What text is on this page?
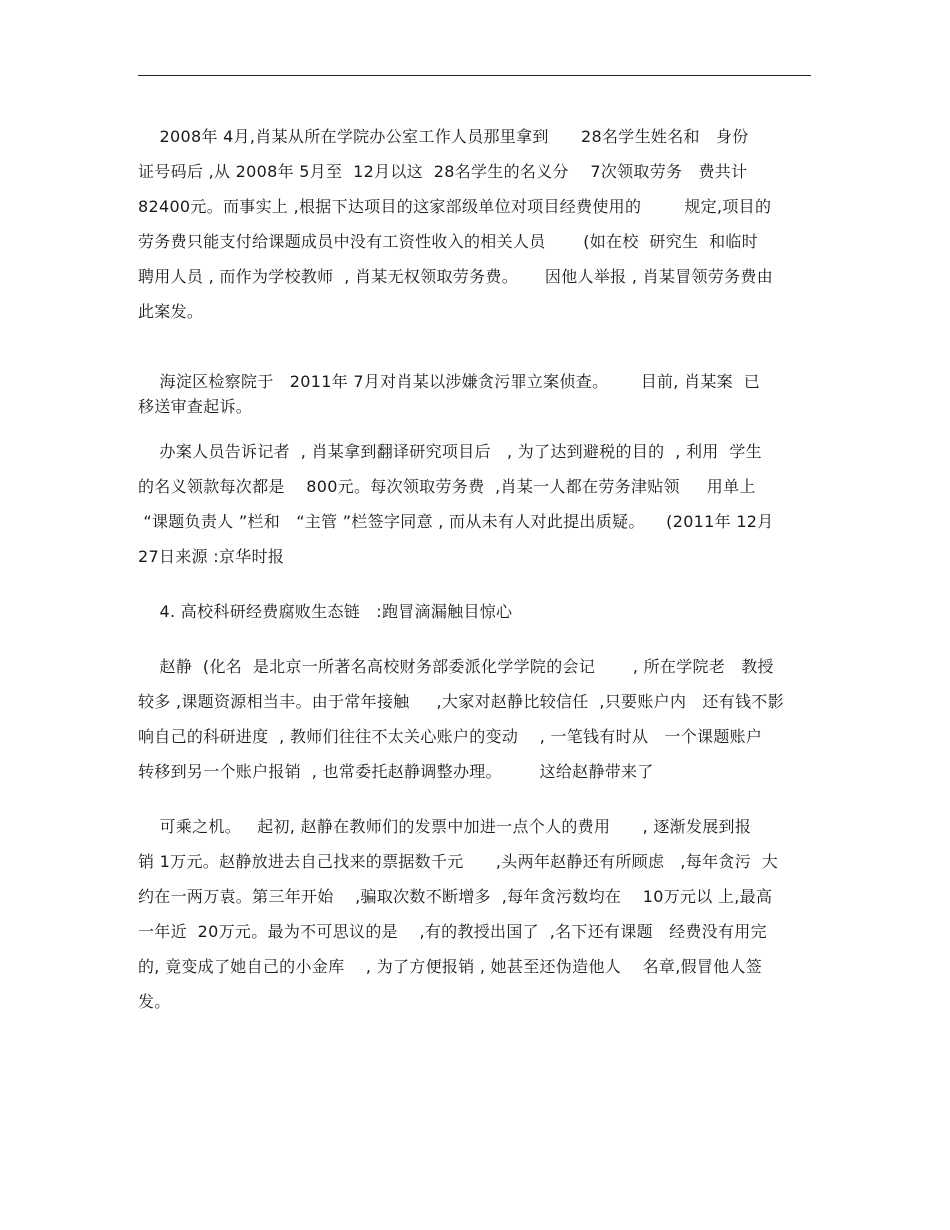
2008年 4月,肖某从所在学院办公室工作人员那里拿到      28名学生姓名和   身份
证号码后 ,从 2008年 5月至  12月以这  28名学生的名义分    7次领取劳务   费共计
82400元。而事实上 ,根据下达项目的这家部级单位对项目经费使用的        规定,项目的
劳务费只能支付给课题成员中没有工资性收入的相关人员       (如在校  研究生  和临时
聘用人员 , 而作为学校教师  , 肖某无权领取劳务费。     因他人举报 , 肖某冒领劳务费由
此案发。
海淀区检察院于   2011年 7月对肖某以涉嫌贪污罪立案侦查。      目前, 肖某案  已
移送审查起诉。
办案人员告诉记者  , 肖某拿到翻译研究项目后   , 为了达到避税的目的  , 利用  学生
的名义领款每次都是    800元。每次领取劳务费  ,肖某一人都在劳务津贴领     用单上
“课题负责人 ”栏和   “主管 ”栏签字同意 , 而从未有人对此提出质疑。    (2011年 12月
27日来源 :京华时报
4. 高校科研经费腐败生态链   :跑冒滴漏触目惊心
赵静  (化名  是北京一所著名高校财务部委派化学学院的会记       , 所在学院老   教授
较多 ,课题资源相当丰。由于常年接触     ,大家对赵静比较信任  ,只要账户内   还有钱不影
响自己的科研进度  , 教师们往往不太关心账户的变动    , 一笔钱有时从   一个课题账户
转移到另一个账户报销  , 也常委托赵静调整办理。       这给赵静带来了
可乘之机。   起初, 赵静在教师们的发票中加进一点个人的费用      , 逐渐发展到报
销 1万元。赵静放进去自己找来的票据数千元      ,头两年赵静还有所顾虑   ,每年贪污  大
约在一两万袁。第三年开始    ,骗取次数不断增多  ,每年贪污数均在    10万元以 上,最高
一年近  20万元。最为不可思议的是    ,有的教授出国了  ,名下还有课题   经费没有用完
的, 竟变成了她自己的小金库    , 为了方便报销 , 她甚至还伪造他人    名章,假冒他人签
发。
